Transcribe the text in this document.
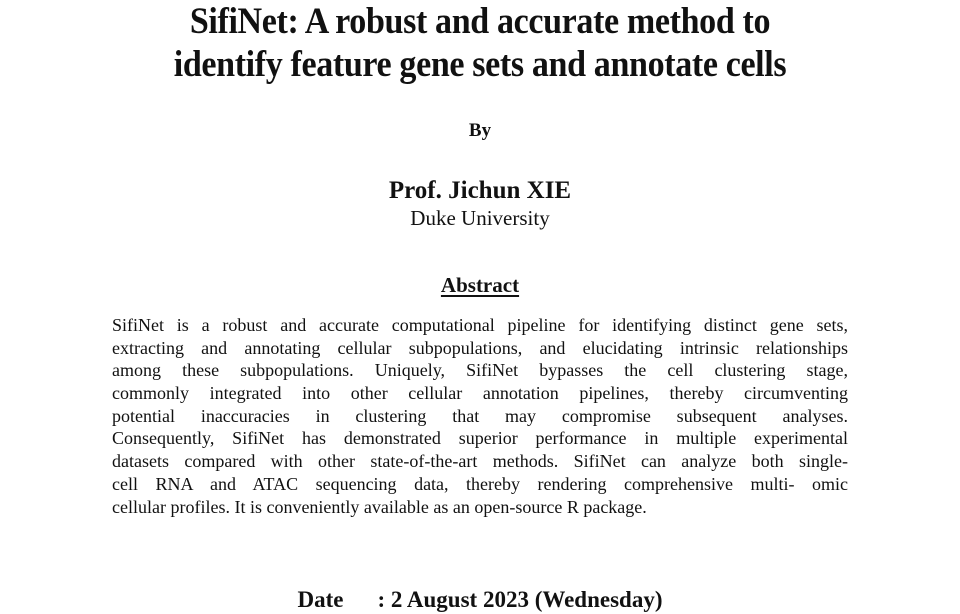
SifiNet: A robust and accurate method to
identify feature gene sets and annotate cells
By
Prof. Jichun XIE
Duke University
Abstract
SifiNet is a robust and accurate computational pipeline for identifying distinct gene sets,
extracting and annotating cellular subpopulations, and elucidating intrinsic relationships
among these subpopulations. Uniquely, SifiNet bypasses the cell clustering stage,
commonly integrated into other cellular annotation pipelines, thereby circumventing
potential inaccuracies in clustering that may compromise subsequent analyses.
Consequently, SifiNet has demonstrated superior performance in multiple experimental
datasets compared with other state-of-the-art methods. SifiNet can analyze both single-
cell RNA and ATAC sequencing data, thereby rendering comprehensive multi- omic
cellular profiles. It is conveniently available as an open-source R package.
Date : 2 August 2023 (Wednesday)
